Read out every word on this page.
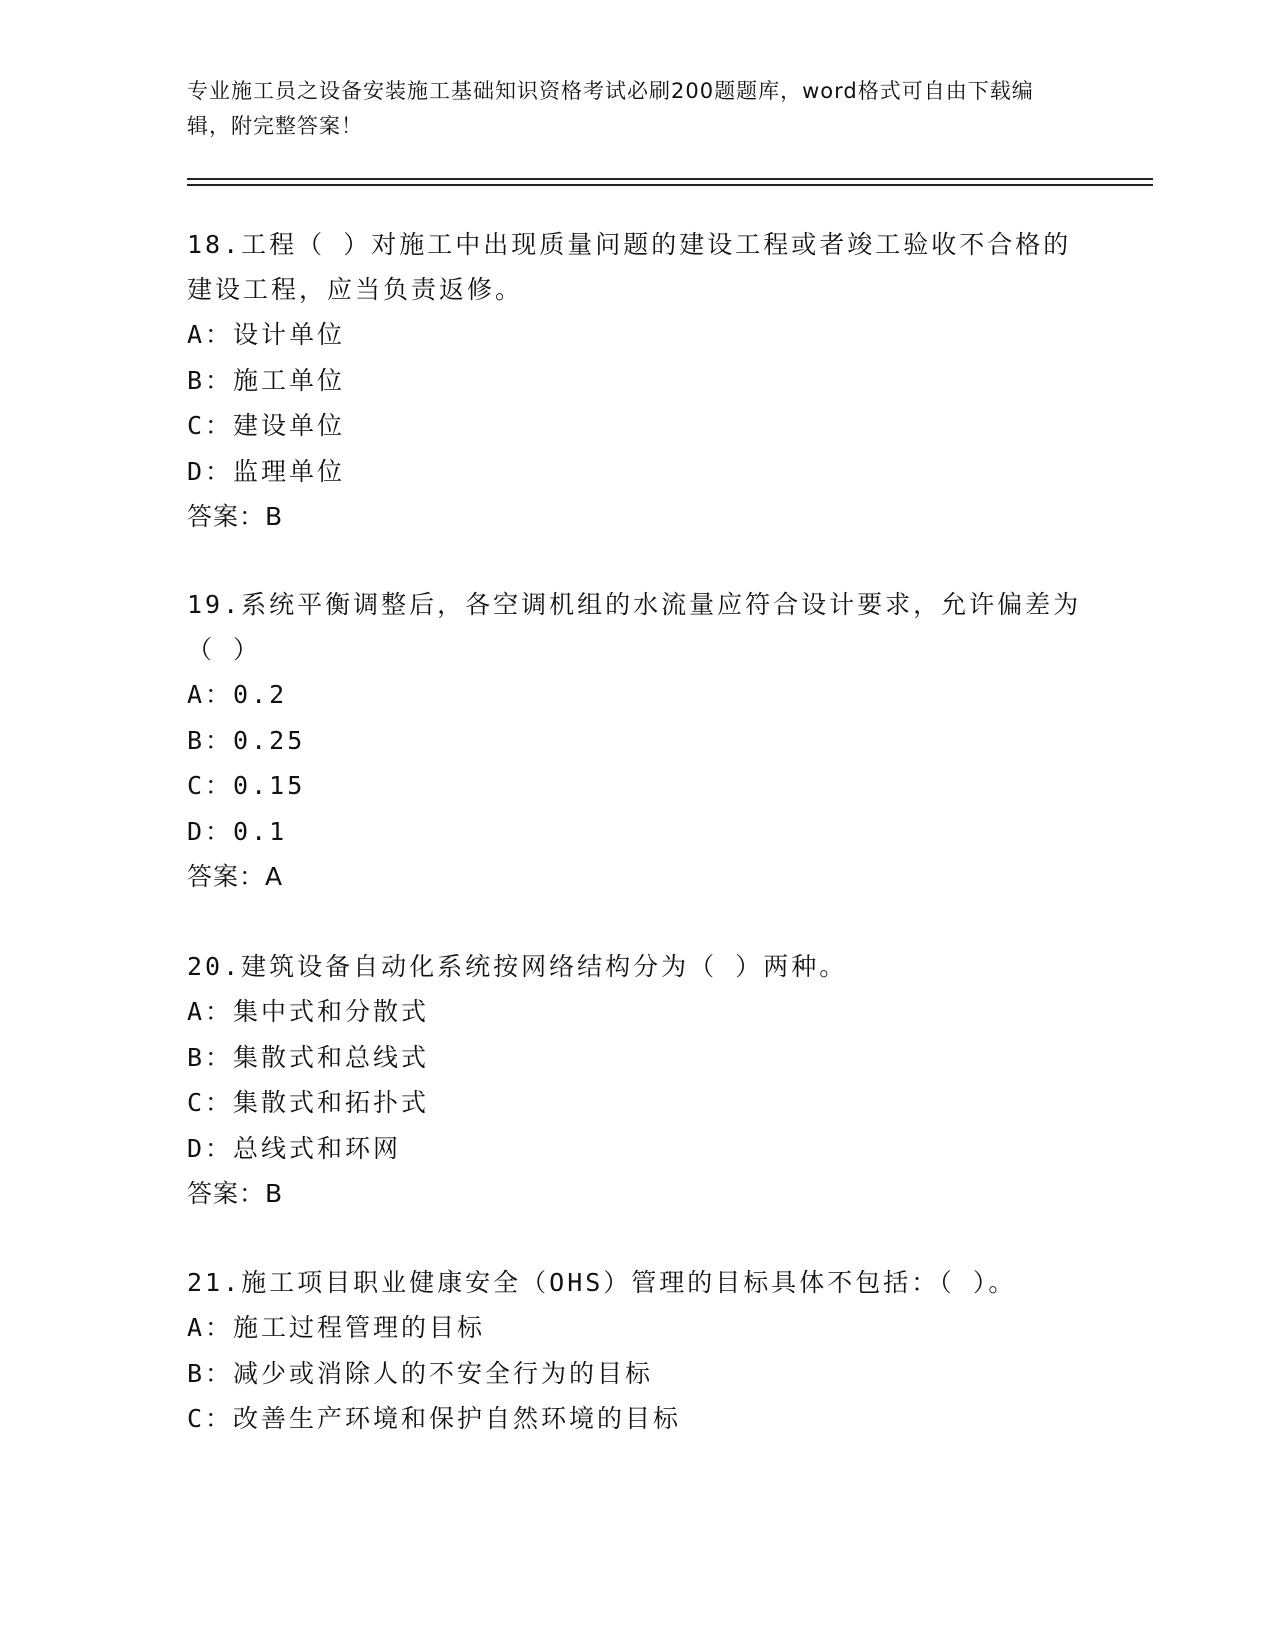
专业施工员之设备安装施工基础知识资格考试必刷200题题库，word格式可自由下载编辑，附完整答案！

18.工程（ ）对施工中出现质量问题的建设工程或者竣工验收不合格的建设工程，应当负责返修。

A：设计单位

B：施工单位

C：建设单位

D：监理单位

答案：B

19.系统平衡调整后，各空调机组的水流量应符合设计要求，允许偏差为（ ）

A：0.2

B：0.25

C：0.15

D：0.1

答案：A

20.建筑设备自动化系统按网络结构分为（ ）两种。

A：集中式和分散式

B：集散式和总线式

C：集散式和拓扑式

D：总线式和环网

答案：B

21.施工项目职业健康安全（OHS）管理的目标具体不包括：（ ）。

A：施工过程管理的目标

B：减少或消除人的不安全行为的目标

C：改善生产环境和保护自然环境的目标
